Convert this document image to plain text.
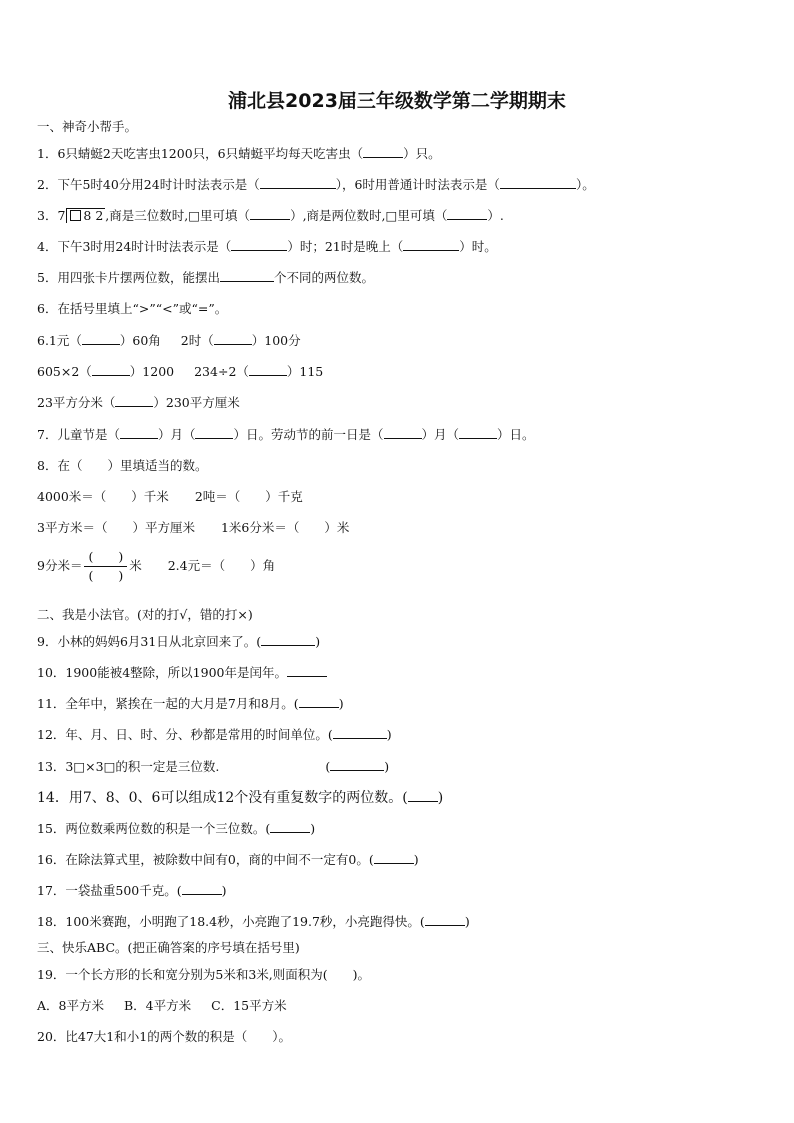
浦北县2023届三年级数学第二学期期末
一、神奇小帮手。
1．6只蜻蜓2天吃害虫1200只，6只蜻蜓平均每天吃害虫（	）只。
2．下午5时40分用24时计时法表示是（	），6时用普通计时法表示是（	）。
3．7 8 2 ,商是三位数时,□里可填（	）,商是两位数时,□里可填（	）.
4．下午3时用24时计时法表示是（	）时；21时是晚上（	）时。
5．用四张卡片摆两位数，能摆出	个不同的两位数。
6．在括号里填上“>”“<”或“=”。
6.1元（	）60角 2时（	）100分
605×2（	）1200 234÷2（	）115
23平方分米（	）230平方厘米
7．儿童节是（	）月（	）日。劳动节的前一日是（	）月（	）日。
8．在（　　）里填适当的数。
4000米＝（　　）千米 2吨＝（　　）千克
3平方米＝（　　）平方厘米 1米6分米＝（　　）米
9分米＝ $\frac{( )}{( )}$ 米 2.4元＝（　　）角
二、我是小法官。(对的打√，错的打×)
9．小林的妈妈6月31日从北京回来了。(	)
10．1900能被4整除，所以1900年是闰年。
11．全年中，紧挨在一起的大月是7月和8月。(	)
12．年、月、日、时、分、秒都是常用的时间单位。(	)
13．3□×3□的积一定是三位数.	(	)
14．用7、8、0、6可以组成12个没有重复数字的两位数。( )
15．两位数乘两位数的积是一个三位数。(	)
16．在除法算式里，被除数中间有0，商的中间不一定有0。(	)
17．一袋盐重500千克。(	)
18．100米赛跑，小明跑了18.4秒，小亮跑了19.7秒，小亮跑得快。(	)
三、快乐ABC。(把正确答案的序号填在括号里)
19．一个长方形的长和宽分别为5米和3米,则面积为(　　)。
A．8平方米 B．4平方米 C．15平方米
20．比47大1和小1的两个数的积是（　　）。
